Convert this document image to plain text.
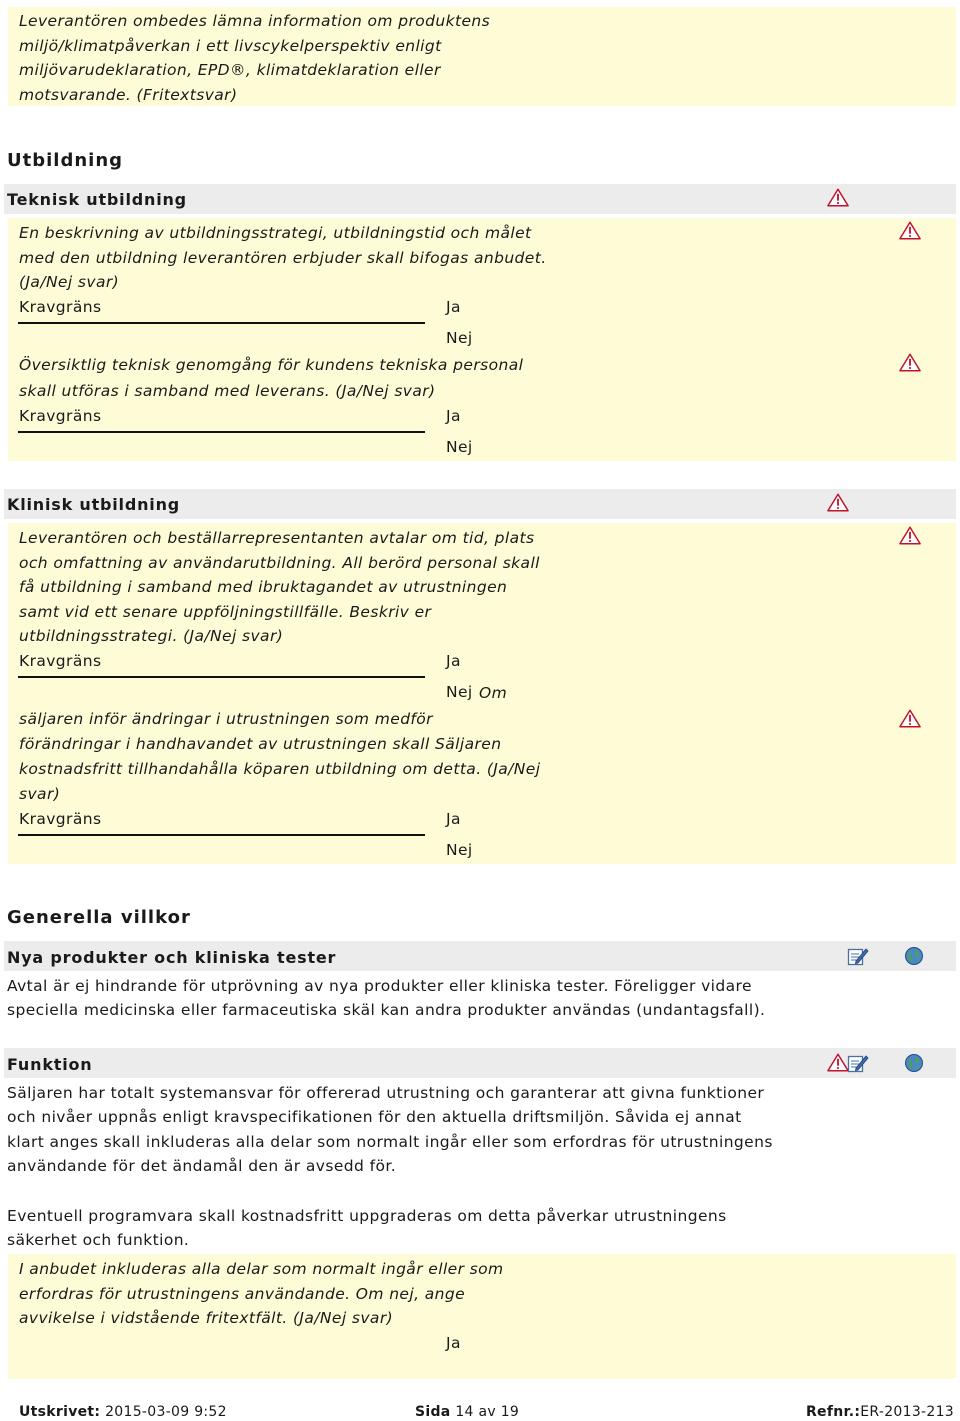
Leverantören ombedes lämna information om produktens
miljö/klimatpåverkan i ett livscykelperspektiv enligt
miljövarudeklaration, EPD®, klimatdeklaration eller
motsvarande. (Fritextsvar)
Utbildning
Teknisk utbildning
En beskrivning av utbildningsstrategi, utbildningstid och målet
med den utbildning leverantören erbjuder skall bifogas anbudet.
(Ja/Nej svar)
Kravgräns	Ja
Nej
Översiktlig teknisk genomgång för kundens tekniska personal
skall utföras i samband med leverans. (Ja/Nej svar)
Kravgräns	Ja
Nej
Klinisk utbildning
Leverantören och beställarrepresentanten avtalar om tid, plats
och omfattning av användarutbildning. All berörd personal skall
få utbildning i samband med ibruktagandet av utrustningen
samt vid ett senare uppföljningstillfälle. Beskriv er
utbildningsstrategi. (Ja/Nej svar)
Kravgräns	Ja
Nej Om
säljaren inför ändringar i utrustningen som medför
förändringar i handhavandet av utrustningen skall Säljaren
kostnadsfritt tillhandahålla köparen utbildning om detta. (Ja/Nej
svar)
Kravgräns	Ja
Nej
Generella villkor
Nya produkter och kliniska tester
Avtal är ej hindrande för utprövning av nya produkter eller kliniska tester. Föreligger vidare
speciella medicinska eller farmaceutiska skäl kan andra produkter användas (undantagsfall).
Funktion
Säljaren har totalt systemansvar för offererad utrustning och garanterar att givna funktioner
och nivåer uppnås enligt kravspecifikationen för den aktuella driftsmiljön. Såvida ej annat
klart anges skall inkluderas alla delar som normalt ingår eller som erfordras för utrustningens
användande för det ändamål den är avsedd för.
Eventuell programvara skall kostnadsfritt uppgraderas om detta påverkar utrustningens
säkerhet och funktion.
I anbudet inkluderas alla delar som normalt ingår eller som
erfordras för utrustningens användande. Om nej, ange
avvikelse i vidstående fritextfält. (Ja/Nej svar)
Ja
Utskrivet: 2015-03-09 9:52	Sida 14 av 19	Refnr.:ER-2013-213
